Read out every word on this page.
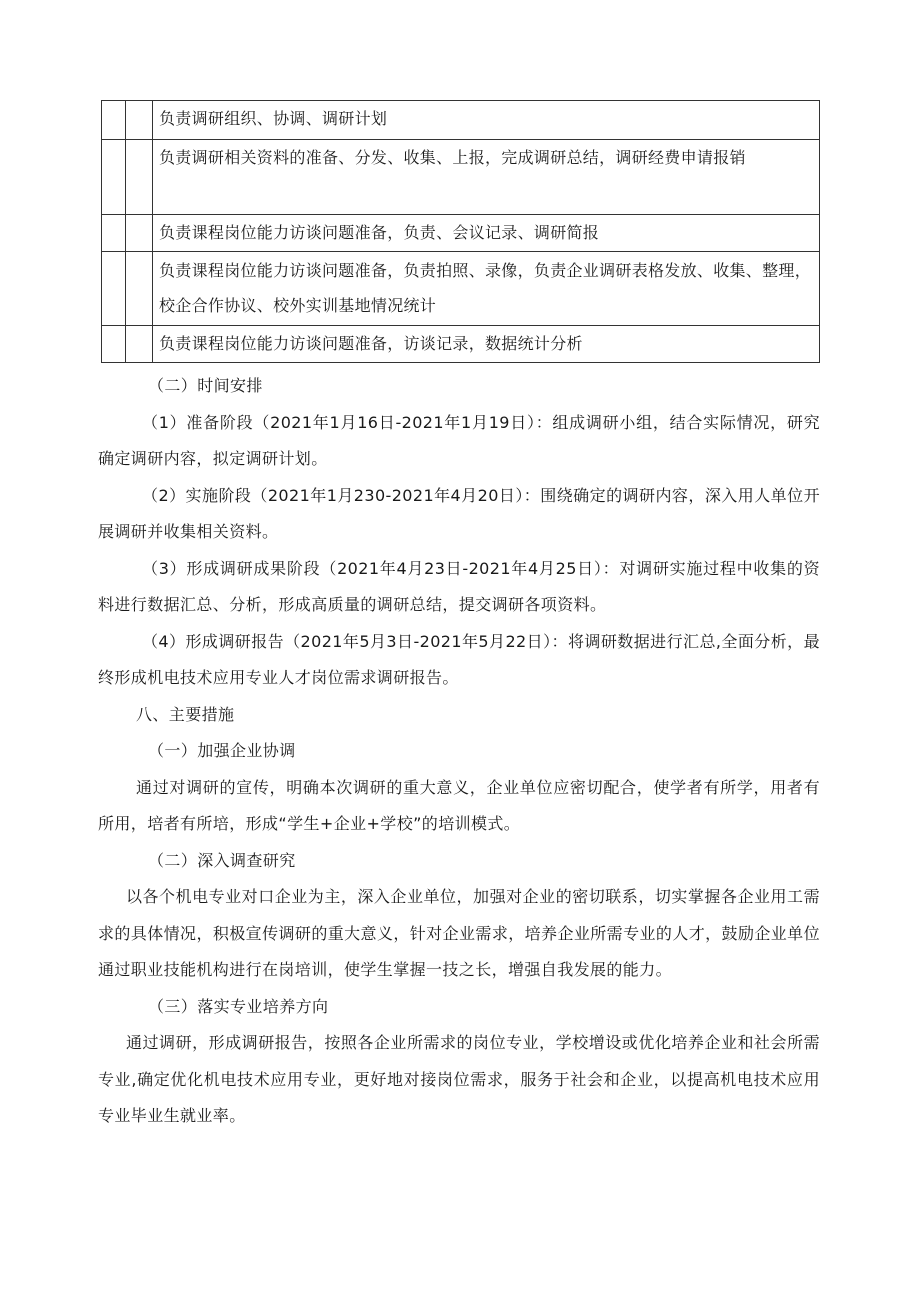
		负责调研组织、协调、调研计划
		负责调研相关资料的准备、分发、收集、上报，完成调研总结，调研经费申请报销
		负责课程岗位能力访谈问题准备，负责、会议记录、调研简报
		负责课程岗位能力访谈问题准备，负责拍照、录像，负责企业调研表格发放、收集、整理，校企合作协议、校外实训基地情况统计
		负责课程岗位能力访谈问题准备，访谈记录，数据统计分析

（二）时间安排

（1）准备阶段（2021年1月16日-2021年1月19日）：组成调研小组，结合实际情况，研究确定调研内容，拟定调研计划。

（2）实施阶段（2021年1月230-2021年4月20日）：围绕确定的调研内容，深入用人单位开展调研并收集相关资料。

（3）形成调研成果阶段（2021年4月23日-2021年4月25日）：对调研实施过程中收集的资料进行数据汇总、分析，形成高质量的调研总结，提交调研各项资料。

（4）形成调研报告（2021年5月3日-2021年5月22日）：将调研数据进行汇总,全面分析，最终形成机电技术应用专业人才岗位需求调研报告。

八、主要措施

（一）加强企业协调

通过对调研的宣传，明确本次调研的重大意义，企业单位应密切配合，使学者有所学，用者有所用，培者有所培，形成“学生+企业+学校”的培训模式。

（二）深入调查研究

以各个机电专业对口企业为主，深入企业单位，加强对企业的密切联系，切实掌握各企业用工需求的具体情况，积极宣传调研的重大意义，针对企业需求，培养企业所需专业的人才，鼓励企业单位通过职业技能机构进行在岗培训，使学生掌握一技之长，增强自我发展的能力。

（三）落实专业培养方向

通过调研，形成调研报告，按照各企业所需求的岗位专业，学校增设或优化培养企业和社会所需专业,确定优化机电技术应用专业，更好地对接岗位需求，服务于社会和企业，以提高机电技术应用专业毕业生就业率。
